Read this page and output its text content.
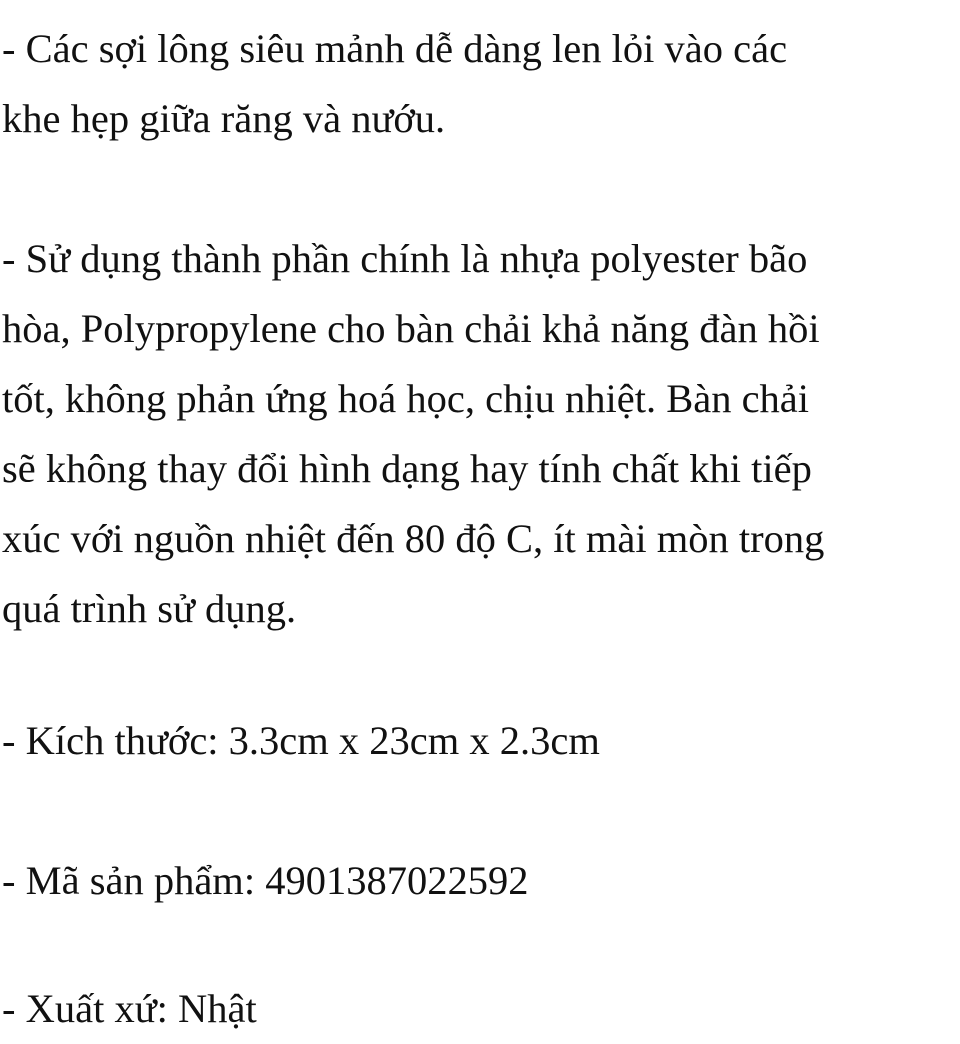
- Các sợi lông siêu mảnh dễ dàng len lỏi vào các
khe hẹp giữa răng và nướu.
- Sử dụng thành phần chính là nhựa polyester bão
hòa, Polypropylene cho bàn chải khả năng đàn hồi
tốt, không phản ứng hoá học, chịu nhiệt. Bàn chải
sẽ không thay đổi hình dạng hay tính chất khi tiếp
xúc với nguồn nhiệt đến 80 độ C, ít mài mòn trong
quá trình sử dụng.
- Kích thước: 3.3cm x 23cm x 2.3cm
- Mã sản phẩm: 4901387022592
- Xuất xứ: Nhật
